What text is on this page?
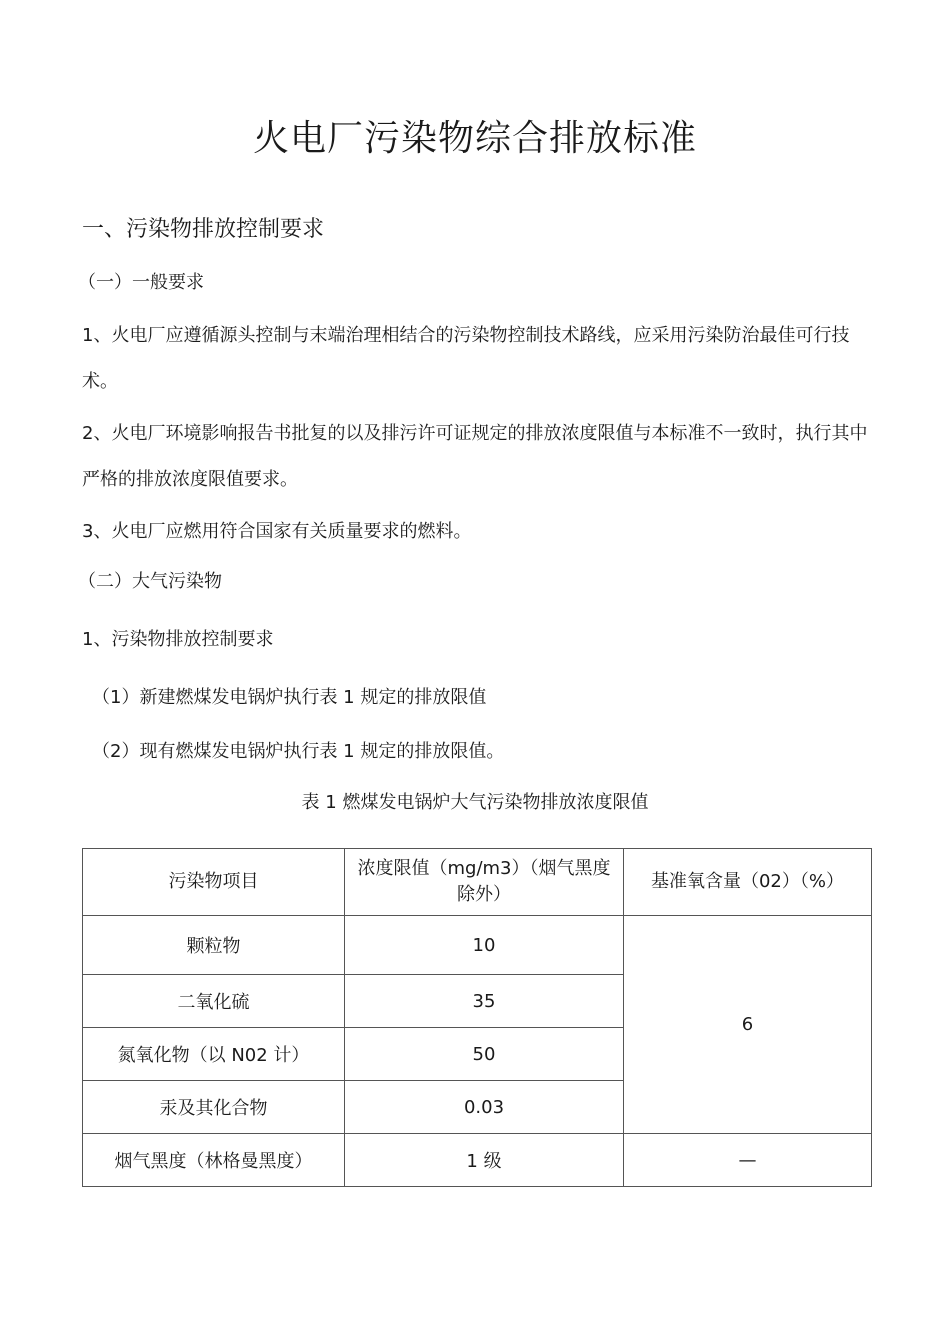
火电厂污染物综合排放标准
一、污染物排放控制要求
（一）一般要求
1、火电厂应遵循源头控制与末端治理相结合的污染物控制技术路线，应采用污染防治最佳可行技术。
2、火电厂环境影响报告书批复的以及排污许可证规定的排放浓度限值与本标准不一致时，执行其中严格的排放浓度限值要求。
3、火电厂应燃用符合国家有关质量要求的燃料。
（二）大气污染物
1、污染物排放控制要求
（1）新建燃煤发电锅炉执行表 1 规定的排放限值
（2）现有燃煤发电锅炉执行表 1 规定的排放限值。
表 1 燃煤发电锅炉大气污染物排放浓度限值
污染物项目	浓度限值（mg/m3）（烟气黑度除外）	基准氧含量（02）（%）
颗粒物	10	6
二氧化硫	35	
氮氧化物（以 N02 计）	50	
汞及其化合物	0.03	
烟气黑度（林格曼黑度）	1 级	—
